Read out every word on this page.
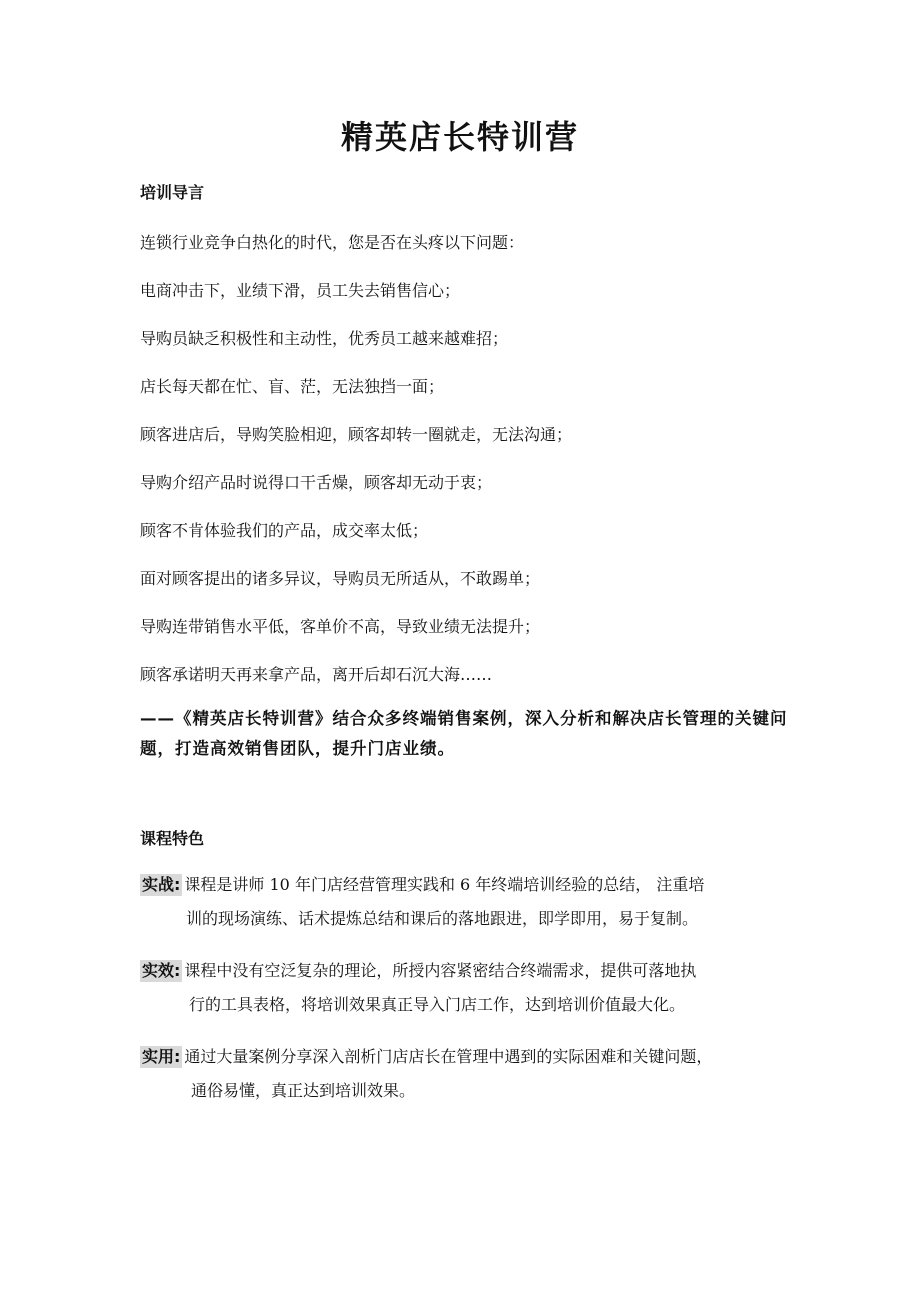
精英店长特训营
培训导言
连锁行业竞争白热化的时代，您是否在头疼以下问题：
电商冲击下，业绩下滑，员工失去销售信心；
导购员缺乏积极性和主动性，优秀员工越来越难招；
店长每天都在忙、盲、茫，无法独挡一面；
顾客进店后，导购笑脸相迎，顾客却转一圈就走，无法沟通；
导购介绍产品时说得口干舌燥，顾客却无动于衷；
顾客不肯体验我们的产品，成交率太低；
面对顾客提出的诸多异议，导购员无所适从，不敢踢单；
导购连带销售水平低，客单价不高，导致业绩无法提升；
顾客承诺明天再来拿产品，离开后却石沉大海……
——《精英店长特训营》结合众多终端销售案例，深入分析和解决店长管理的关键问题，打造高效销售团队，提升门店业绩。
课程特色
实战: 课程是讲师 10 年门店经营管理实践和 6 年终端培训经验的总结， 注重培
训的现场演练、话术提炼总结和课后的落地跟进，即学即用，易于复制。
实效: 课程中没有空泛复杂的理论，所授内容紧密结合终端需求，提供可落地执
行的工具表格，将培训效果真正导入门店工作，达到培训价值最大化。
实用: 通过大量案例分享深入剖析门店店长在管理中遇到的实际困难和关键问题，
通俗易懂，真正达到培训效果。
